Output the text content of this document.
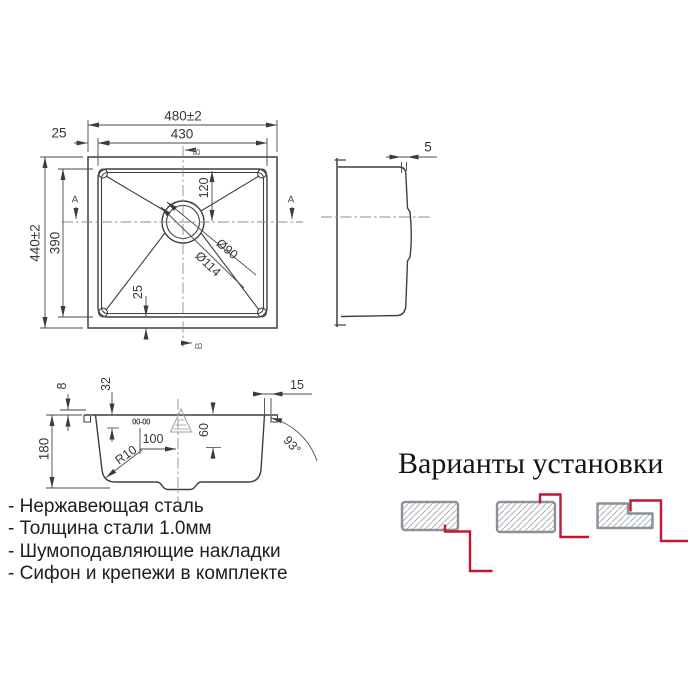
480±2
430
25
440±2 390
120
Ø90
Ø114
25
A	A
B
B
5
8 32	15
180	100
60
R10	93°
00-00
Варианты установки
- Нержавеющая сталь
- Толщина стали 1.0мм
- Шумоподавляющие накладки
- Сифон и крепежи в комплекте
